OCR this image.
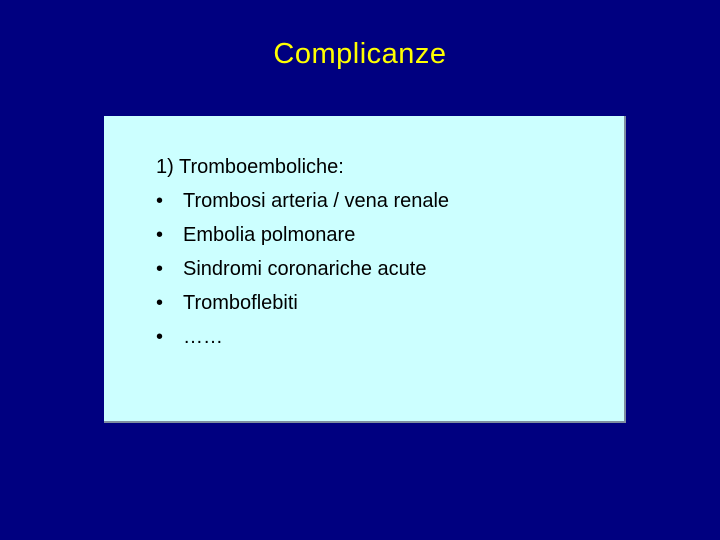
Complicanze
1) Tromboemboliche:
• Trombosi arteria / vena renale
• Embolia polmonare
• Sindromi coronariche acute
• Tromboflebiti
• ……
